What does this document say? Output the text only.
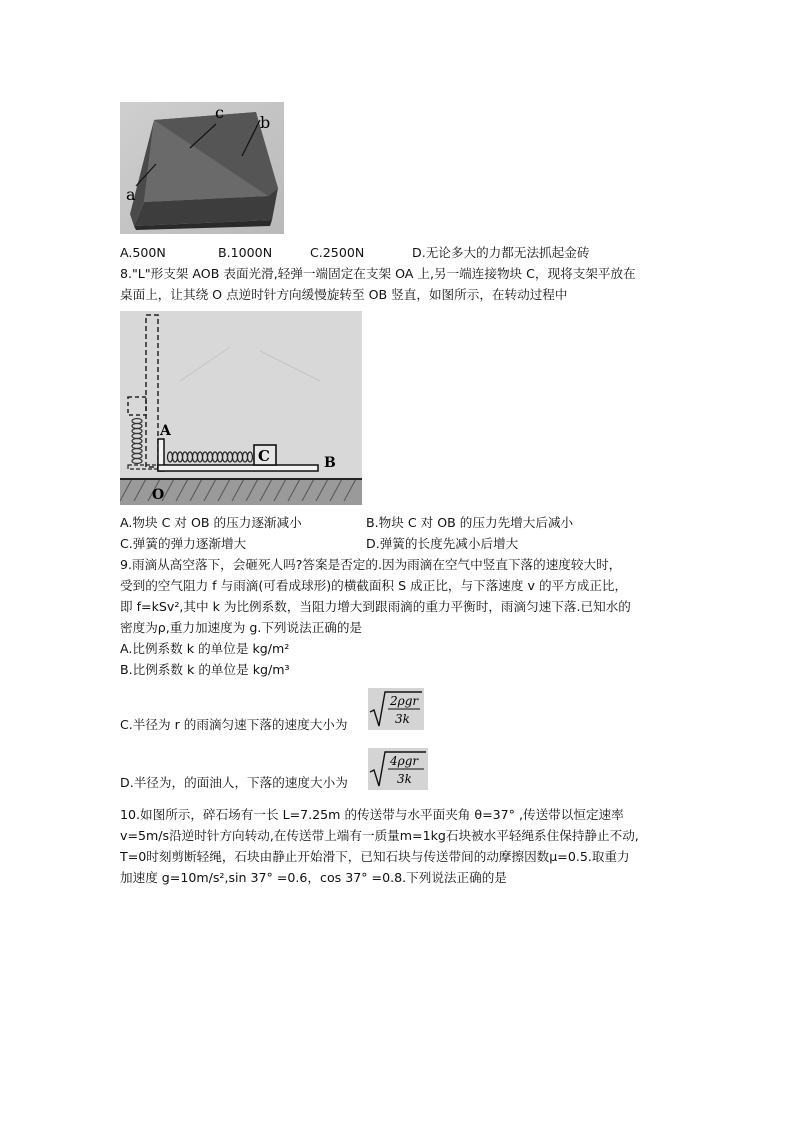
c
b
a
A.500N	B.1000N	C.2500N	D.无论多大的力都无法抓起金砖
8."L"形支架 AOB 表面光滑,轻弹一端固定在支架 OA 上,另一端连接物块 C，现将支架平放在
桌面上，让其绕 O 点逆时针方向缓慢旋转至 OB 竖直，如图所示，在转动过程中
C
A
B
O
A.物块 C 对 OB 的压力逐渐减小	B.物块 C 对 OB 的压力先增大后减小
C.弹簧的弹力逐渐增大	D.弹簧的长度先减小后增大
9.雨滴从高空落下，会砸死人吗?答案是否定的.因为雨滴在空气中竖直下落的速度较大时，
受到的空气阻力 f 与雨滴(可看成球形)的横截面积 S 成正比，与下落速度 v 的平方成正比，
即 f=kSv²,其中 k 为比例系数，当阻力增大到跟雨滴的重力平衡时，雨滴匀速下落.已知水的
密度为ρ,重力加速度为 g.下列说法正确的是
A.比例系数 k 的单位是 kg/m²
B.比例系数 k 的单位是 kg/m³
C.半径为 r 的雨滴匀速下落的速度大小为
2ρgr
3k
D.半径为，的面油人，下落的速度大小为
4ρgr
3k
10.如图所示，碎石场有一长 L=7.25m 的传送带与水平面夹角 θ=37° ,传送带以恒定速率
v=5m/s沿逆时针方向转动,在传送带上端有一质量m=1kg石块被水平轻绳系住保持静止不动,
T=0时刻剪断轻绳，石块由静止开始滑下，已知石块与传送带间的动摩擦因数μ=0.5.取重力
加速度 g=10m/s²,sin 37° =0.6，cos 37° =0.8.下列说法正确的是
